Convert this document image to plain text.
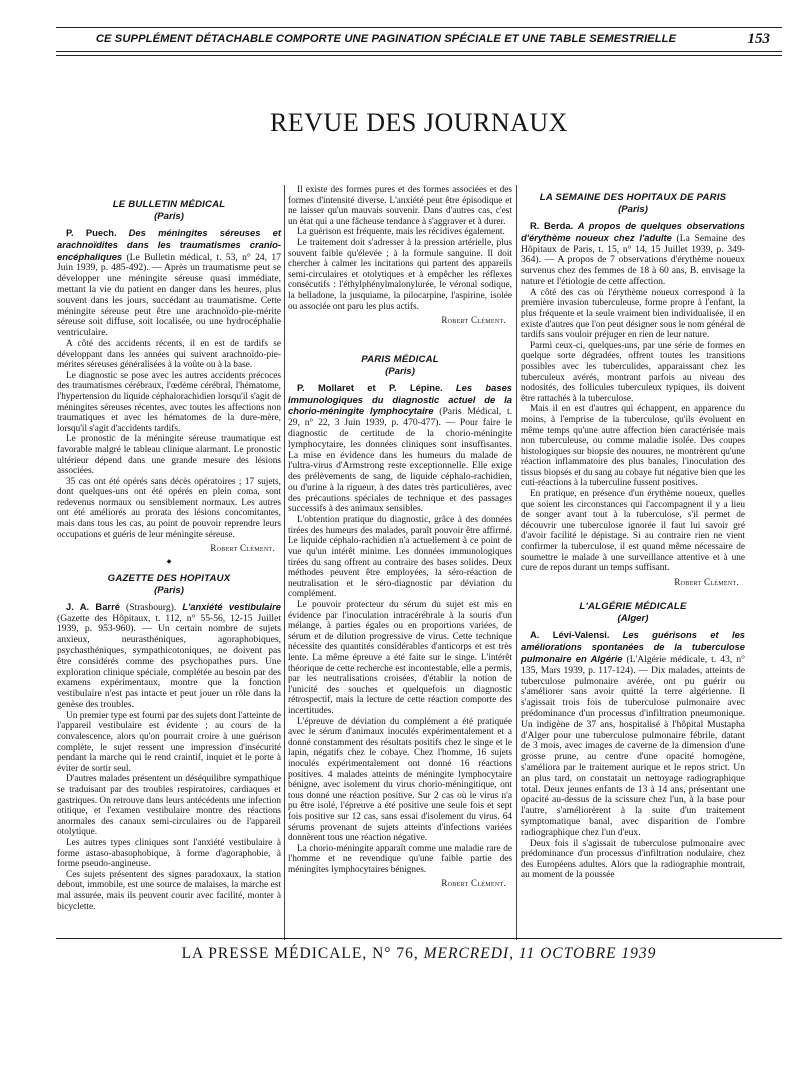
CE SUPPLÉMENT DÉTACHABLE COMPORTE UNE PAGINATION SPÉCIALE ET UNE TABLE SEMESTRIELLE	153
REVUE DES JOURNAUX
LE BULLETIN MÉDICAL
(Paris)

P. Puech. Des méningites séreuses et arachnoïdites dans les traumatismes cranio-encéphaliques (Le Bulletin médical, t. 53, n° 24, 17 Juin 1939, p. 485-492). — Après un traumatisme peut se développer une méningite séreuse quasi immédiate, mettant la vie du patient en danger dans les heures, plus souvent dans les jours, succédant au traumatisme. Cette méningite séreuse peut être une arachnoïdo-pie-mérite séreuse soit diffuse, soit localisée, ou une hydrocéphalie ventriculaire.

A côté des accidents récents, il en est de tardifs se développant dans les années qui suivent arachnoïdo-pie-mérites séreuses généralisées à la voûte ou à la base.

Le diagnostic se pose avec les autres accidents précoces des traumatismes cérébraux, l'œdème cérébral, l'hématome, l'hypertension du liquide céphalorachidien lorsqu'il s'agit de méningites séreuses récentes, avec toutes les affections non traumatiques et avec les hématomes de la dure-mère, lorsqu'il s'agit d'accidents tardifs.

Le pronostic de la méningite séreuse traumatique est favorable malgré le tableau clinique alarmant. Le pronostic ultérieur dépend dans une grande mesure des lésions associées.

35 cas ont été opérés sans décès opératoires ; 17 sujets, dont quelques-uns ont été opérés en plein coma, sont redevenus normaux ou sensiblement normaux. Les autres ont été améliorés au prorata des lésions concomitantes, mais dans tous les cas, au point de pouvoir reprendre leurs occupations et guéris de leur méningite séreuse.

Robert Clément.
◆
GAZETTE DES HOPITAUX
(Paris)

J. A. Barré (Strasbourg). L'anxiété vestibulaire (Gazette des Hôpitaux, t. 112, n° 55-56, 12-15 Juillet 1939, p. 953-960). — Un certain nombre de sujets anxieux, neurasthéniques, agoraphobiques, psychasthéniques, sympathicotoniques, ne doivent pas être considérés comme des psychopathes purs. Une exploration clinique spéciale, complétée au besoin par des examens expérimentaux, montre que la fonction vestibulaire n'est pas intacte et peut jouer un rôle dans la genèse des troubles.

Un premier type est fourni par des sujets dont l'atteinte de l'appareil vestibulaire est évidente ; au cours de la convalescence, alors qu'on pourrait croire à une guérison complète, le sujet ressent une impression d'insécurité pendant la marche qui le rend craintif, inquiet et le porte à éviter de sortir seul.

D'autres malades présentent un déséquilibre sympathique se traduisant par des troubles respiratoires, cardiaques et gastriques. On retrouve dans leurs antécédents une infection otitique, et l'examen vestibulaire montre des réactions anormales des canaux semi-circulaires ou de l'appareil otolytique.

Les autres types cliniques sont l'anxiété vestibulaire à forme astaso-abasophobique, à forme d'agoraphobie, à forme pseudo-angineuse.

Ces sujets présentent des signes paradoxaux, la station debout, immobile, est une source de malaises, la marche est mal assurée, mais ils peuvent courir avec facilité, monter à bicyclette.

Il existe des formes pures et des formes associées et des formes d'intensité diverse. L'anxiété peut être épisodique et ne laisser qu'un mauvais souvenir. Dans d'autres cas, c'est un état qui a une fâcheuse tendance à s'aggraver et à durer.

La guérison est fréquente, mais les récidives également.

Le traitement doit s'adresser à la pression artérielle, plus souvent faible qu'élevée ; à la formule sanguine. Il doit chercher à calmer les incitations qui partent des appareils semi-circulaires et otolytiques et à empêcher les réflexes consécutifs : l'éthylphénylmalonylurée, le véronal sodique, la belladone, la jusquiame, la pilocarpine, l'aspirine, isolée ou associée ont paru les plus actifs.

Robert Clément.
PARIS MÉDICAL
(Paris)

P. Mollaret et P. Lépine. Les bases immunologiques du diagnostic actuel de la chorio-méningite lymphocytaire (Paris Médical, t. 29, n° 22, 3 Juin 1939, p. 470-477). — Pour faire le diagnostic de certitude de la chorio-méningite lymphocytaire, les données cliniques sont insuffisantes. La mise en évidence dans les humeurs du malade de l'ultra-virus d'Armstrong reste exceptionnelle. Elle exige des prélèvements de sang, de liquide céphalo-rachidien, ou d'urine à la rigueur, à des dates très particulières, avec des précautions spéciales de technique et des passages successifs à des animaux sensibles.

L'obtention pratique du diagnostic, grâce à des données tirées des humeurs des malades, paraît pouvoir être affirmé. Le liquide céphalo-rachidien n'a actuellement à ce point de vue qu'un intérêt minime. Les données immunologiques tirées du sang offrent au contraire des bases solides. Deux méthodes peuvent être employées, la séro-réaction de neutralisation et le séro-diagnostic par déviation du complément.

Le pouvoir protecteur du sérum du sujet est mis en évidence par l'inoculation intracérébrale à la souris d'un mélange, à parties égales ou en proportions variées, de sérum et de dilution progressive de virus. Cette technique nécessite des quantités considérables d'anticorps et est très lente. La même épreuve a été faite sur le singe. L'intérêt théorique de cette recherche est incontestable, elle a permis, par les neutralisations croisées, d'établir la notion de l'unicité des souches et quelquefois un diagnostic rétrospectif, mais la lecture de cette réaction comporte des incertitudes.

L'épreuve de déviation du complément a été pratiquée avec le sérum d'animaux inoculés expérimentalement et a donné constamment des résultats positifs chez le singe et le lapin, négatifs chez le cobaye. Chez l'homme, 16 sujets inoculés expérimentalement ont donné 16 réactions positives. 4 malades atteints de méningite lymphocytaire bénigne, avec isolement du virus chorio-méningitique, ont tous donné une réaction positive. Sur 2 cas où le virus n'a pu être isolé, l'épreuve a été positive une seule fois et sept fois positive sur 12 cas, sans essai d'isolement du virus. 64 sérums provenant de sujets atteints d'infections variées donnèrent tous une réaction négative.

La chorio-méningite apparaît comme une maladie rare de l'homme et ne revendique qu'une faible partie des méningites lymphocytaires bénignes.

Robert Clément.
LA SEMAINE DES HOPITAUX DE PARIS
(Paris)

R. Berda. A propos de quelques observations d'érythème noueux chez l'adulte (La Semaine des Hôpitaux de Paris, t. 15, n° 14, 15 Juillet 1939, p. 349-364). — A propos de 7 observations d'érythème noueux survenus chez des femmes de 18 à 60 ans, B. envisage la nature et l'étiologie de cette affection.

A côté des cas où l'érythème noueux correspond à la première invasion tuberculeuse, forme propre à l'enfant, la plus fréquente et la seule vraiment bien individualisée, il en existe d'autres que l'on peut désigner sous le nom général de tardifs sans vouloir préjuger en rien de leur nature.

Parmi ceux-ci, quelques-uns, par une série de formes en quelque sorte dégradées, offrent toutes les transitions possibles avec les tuberculides, apparaissant chez les tuberculeux avérés, montrant parfois au niveau des nodosités, des follicules tuberculeux typiques, ils doivent être rattachés à la tuberculose.

Mais il en est d'autres qui échappent, en apparence du moins, à l'emprise de la tuberculose, qu'ils évoluent en même temps qu'une autre affection bien caractérisée mais non tuberculeuse, ou comme maladie isolée. Des coupes histologiques sur biopsie des nouures, ne montrèrent qu'une réaction inflammatoire des plus banales, l'inoculation des tissus biopsés et du sang au cobaye fut négative bien que les cuti-réactions à la tuberculine fussent positives.

En pratique, en présence d'un érythème noueux, quelles que soient les circonstances qui l'accompagnent il y a lieu de songer avant tout à la tuberculose, s'il permet de découvrir une tuberculose ignorée il faut lui savoir gré d'avoir facilité le dépistage. Si au contraire rien ne vient confirmer la tuberculose, il est quand même nécessaire de soumettre le malade à une surveillance attentive et à une cure de repos durant un temps suffisant.

Robert Clément.
L'ALGÉRIE MÉDICALE
(Alger)

A. Lévi-Valensi. Les guérisons et les améliorations spontanées de la tuberculose pulmonaire en Algérie (L'Algérie médicale, t. 43, n° 135, Mars 1939, p. 117-124). — Dix malades, atteints de tuberculose pulmonaire avérée, ont pu guérir ou s'améliorer sans avoir quitté la terre algérienne. Il s'agissait trois fois de tuberculose pulmonaire avec prédominance d'un processus d'infiltration pneumonique. Un indigène de 37 ans, hospitalisé à l'hôpital Mustapha d'Alger pour une tuberculose pulmonaire fébrile, datant de 3 mois, avec images de caverne de la dimension d'une grosse prune, au centre d'une opacité homogène, s'améliora par le traitement aurique et le repos strict. Un an plus tard, on constatait un nettoyage radiographique total. Deux jeunes enfants de 13 à 14 ans, présentant une opacité au-dessus de la scissure chez l'un, à la base pour l'autre, s'améliorèrent à la suite d'un traitement symptomatique banal, avec disparition de l'ombre radiographique chez l'un d'eux.

Deux fois il s'agissait de tuberculose pulmonaire avec prédominance d'un processus d'infiltration nodulaire, chez des Européens adultes. Alors que la radiographie montrait, au moment de la poussée

LA PRESSE MÉDICALE, N° 76, MERCREDI, 11 OCTOBRE 1939
